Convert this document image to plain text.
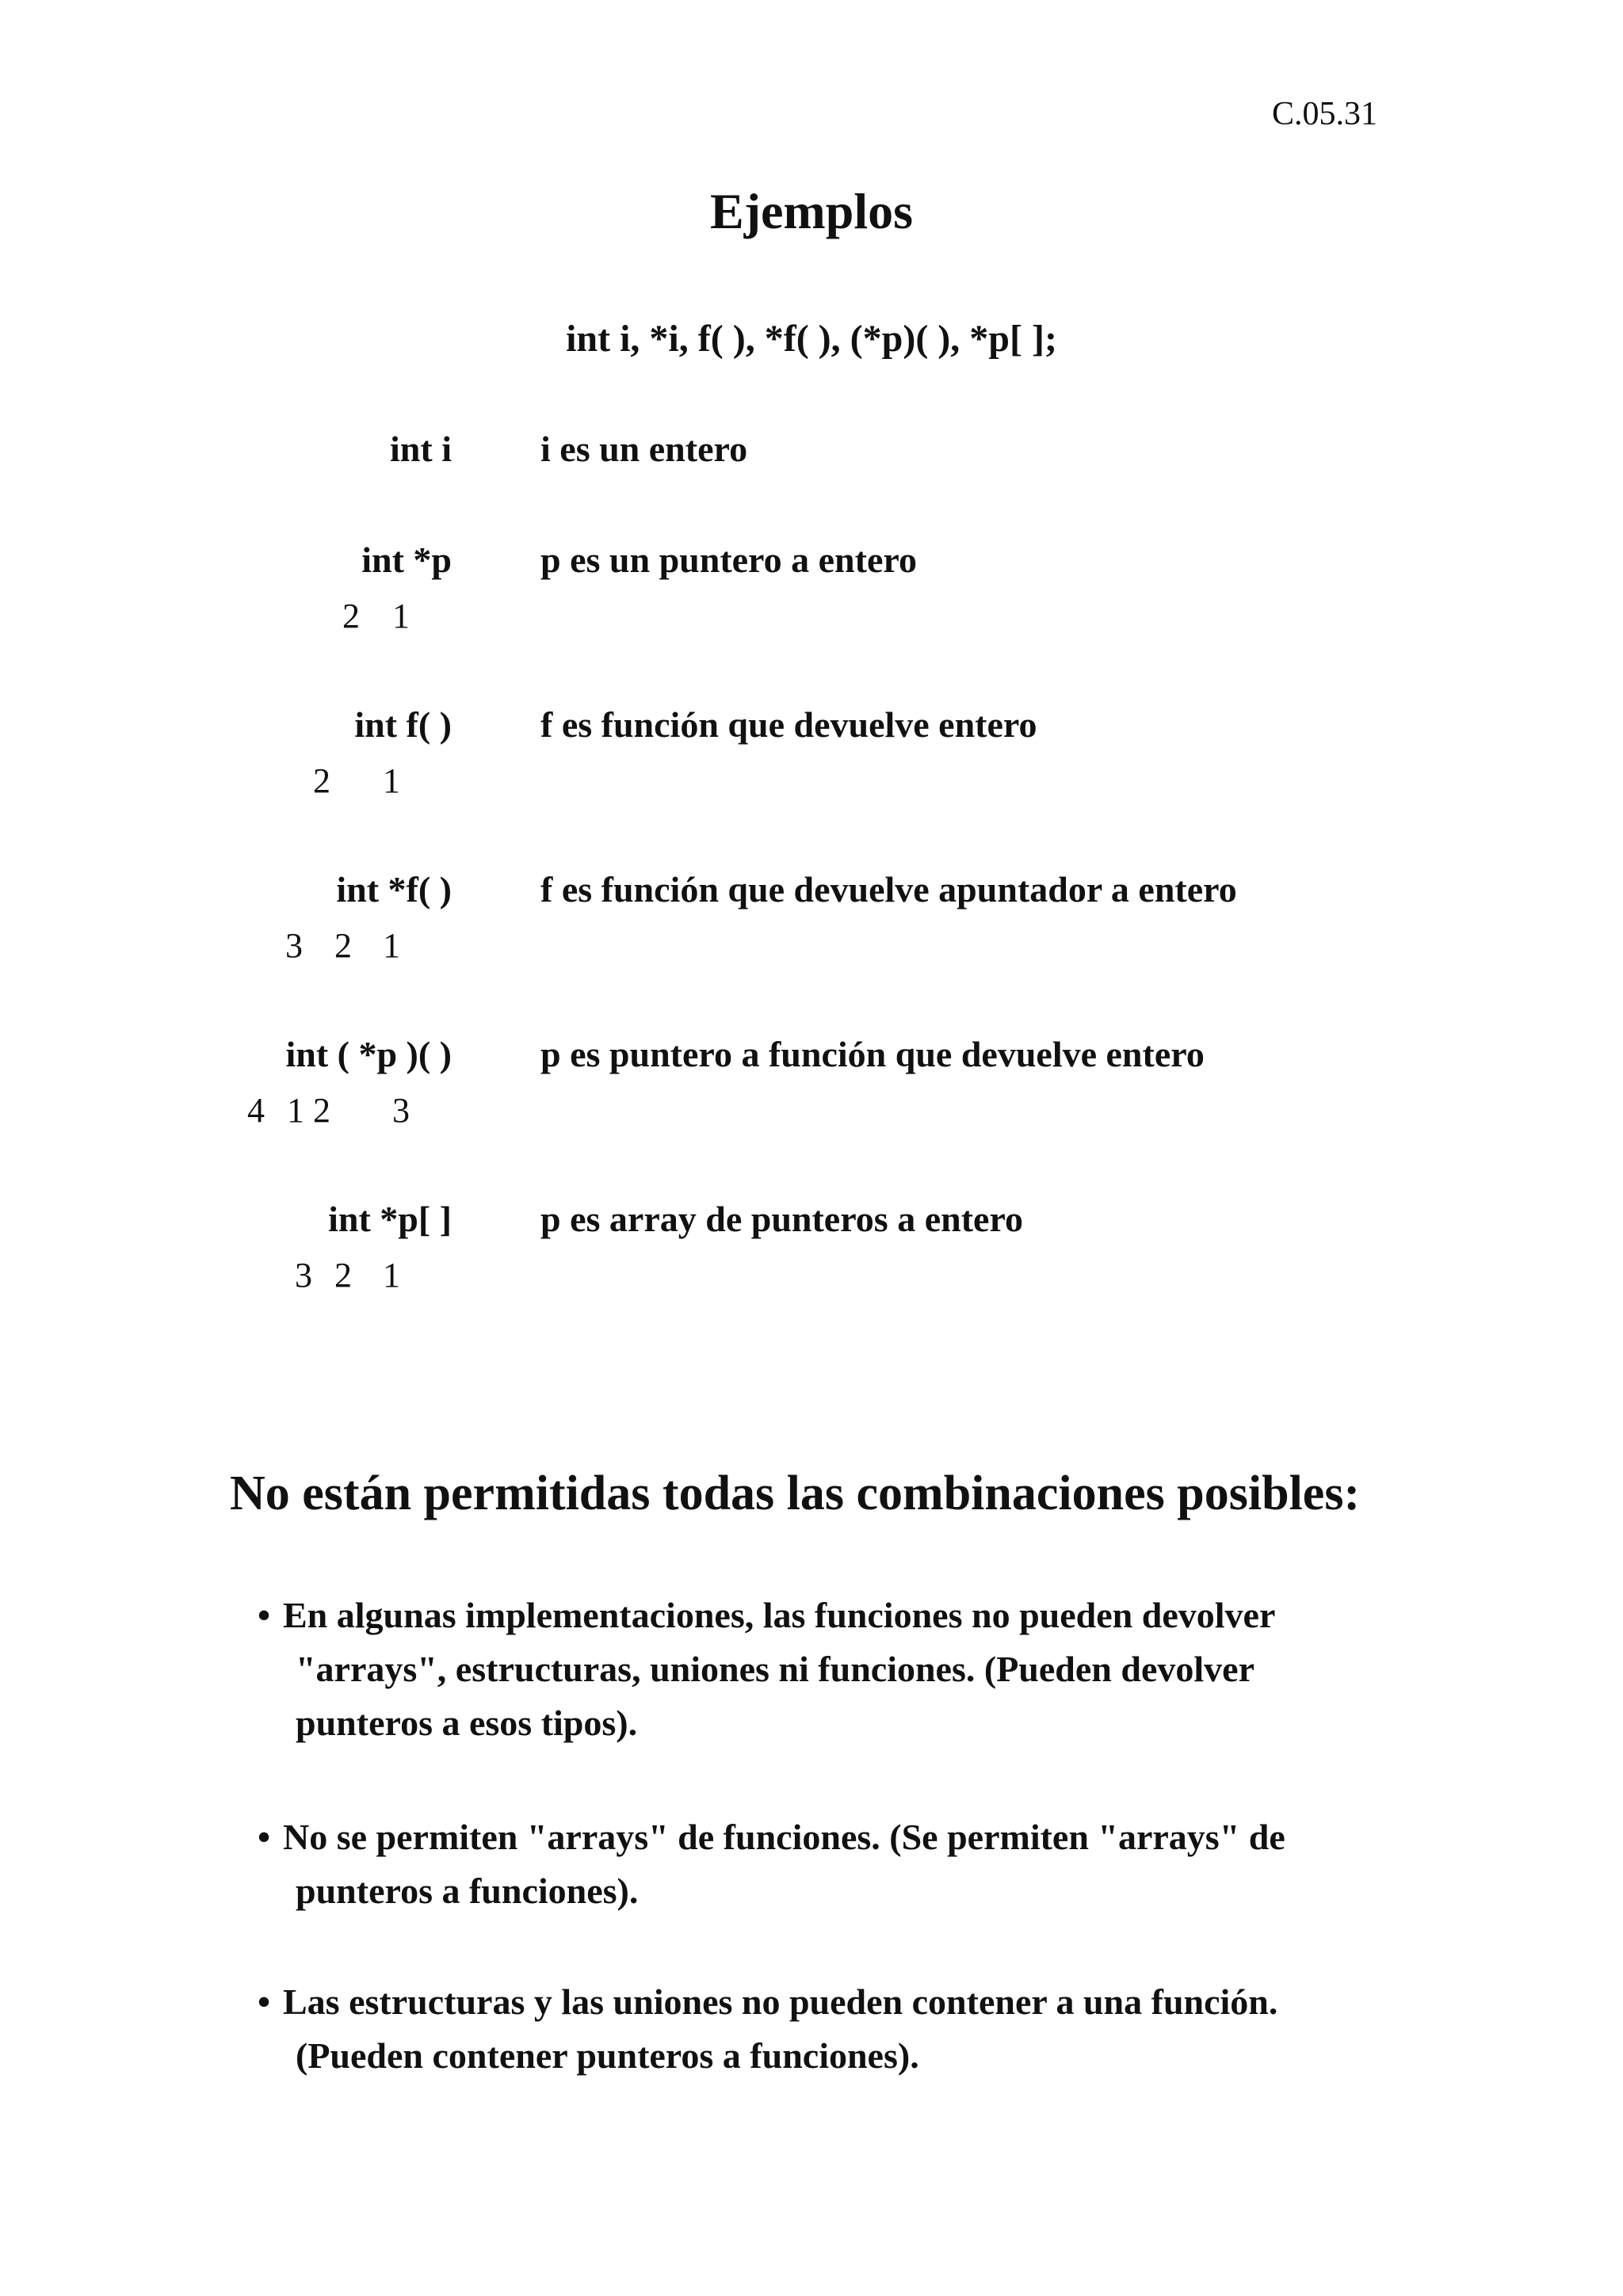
C.05.31
Ejemplos
int i, *i, f( ), *f( ), (*p)( ), *p[ ];
int i i es un entero
int *p p es un puntero a entero
2 1
int f( ) f es función que devuelve entero
2 1
int *f( ) f es función que devuelve apuntador a entero
3 2 1
int ( *p )( ) p es puntero a función que devuelve entero
4 1 2 3
int *p[ ] p es array de punteros a entero
3 2 1
No están permitidas todas las combinaciones posibles:
• En algunas implementaciones, las funciones no pueden devolver
"arrays", estructuras, uniones ni funciones. (Pueden devolver
punteros a esos tipos).
• No se permiten "arrays" de funciones. (Se permiten "arrays" de
punteros a funciones).
• Las estructuras y las uniones no pueden contener a una función.
(Pueden contener punteros a funciones).
